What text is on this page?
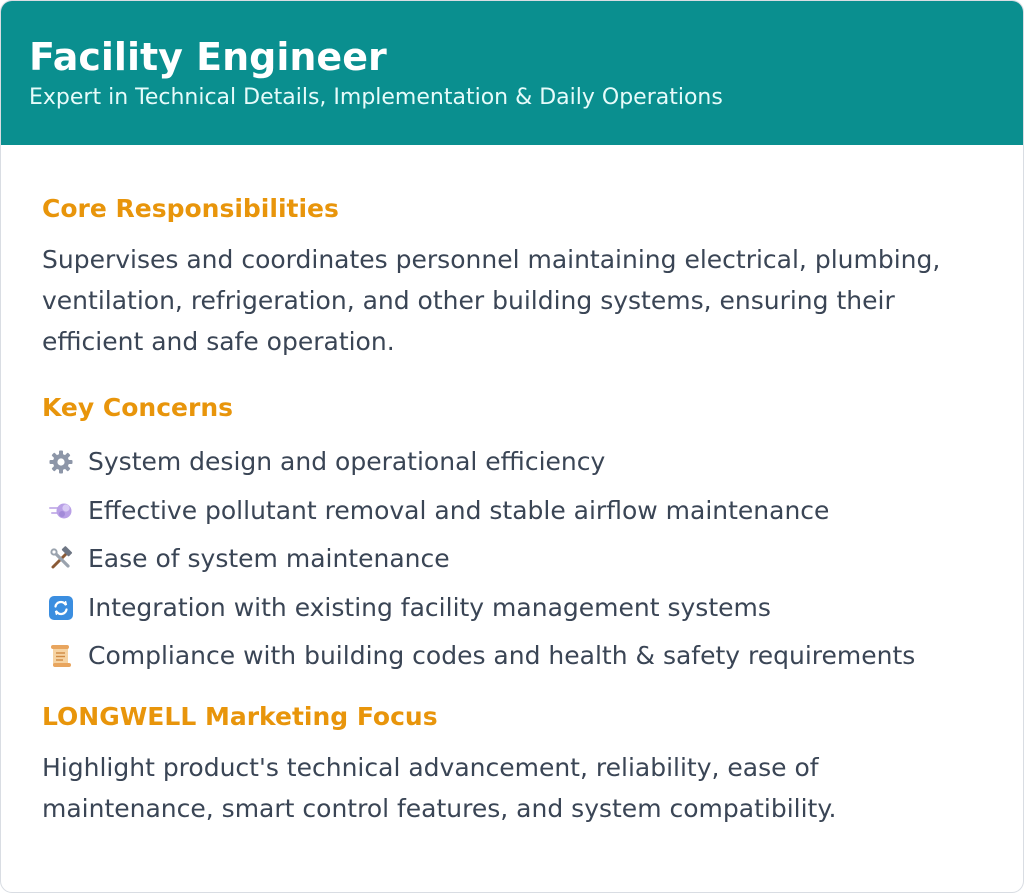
Facility Engineer
Expert in Technical Details, Implementation & Daily Operations
Core Responsibilities

Supervises and coordinates personnel maintaining electrical, plumbing, ventilation, refrigeration, and other building systems, ensuring their efficient and safe operation.

Key Concerns
System design and operational efficiency
Effective pollutant removal and stable airflow maintenance
Ease of system maintenance
Integration with existing facility management systems
Compliance with building codes and health & safety requirements
LONGWELL Marketing Focus

Highlight product's technical advancement, reliability, ease of maintenance, smart control features, and system compatibility.
